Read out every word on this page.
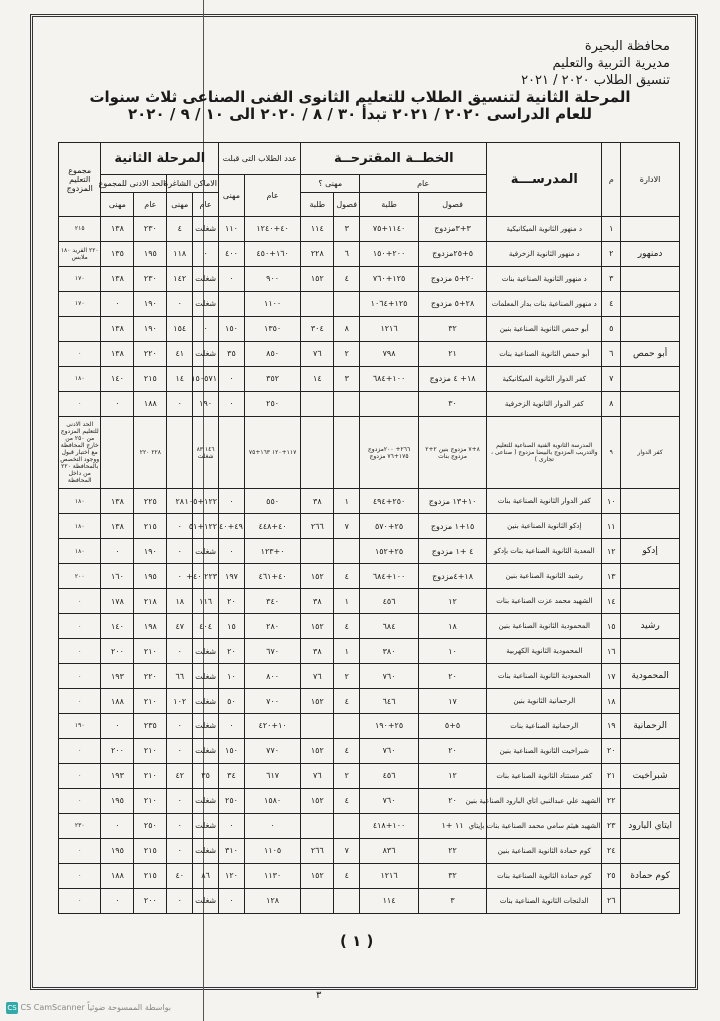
محافظة البحيرة
مديرية التربية والتعليم
تنسيق الطلاب ٢٠٢٠ / ٢٠٢١
المرحلة الثانية لتنسيق الطلاب للتعليم الثانوى الفنى الصناعى ثلاث سنوات
للعام الدراسى ٢٠٢٠ / ٢٠٢١ تبدأ ٣٠ / ٨ / ٢٠٢٠ الى ١٠ / ٩ / ٢٠٢٠
الادارة	م	المدرســـة	الخطــة المقترحــة				عدد الطلاب التى قبلت		المرحلة الثانية				مجموع التعليم المزدوج
			عام		مهنى ؟		عام	مهنى	الاماكن الشاغرة		الحد الادنى للمجموع		
			فصول	طلبة	فصول	طلبة			عام	مهنى	عام	مهنى	
	١	د منهور الثانوية الميكانيكية	٣+٣مزدوج	١١٤٠+٧٥	٣	١١٤	٤٠+١٢٤٠	١١٠	شغلت	٤	٢٣٠	١٣٨	٢١٥
دمنهور	٢	د منهور الثانوية الزخرفية	٥+٢٥مزدوج	٢٠٠+١٥٠	٦	٢٢٨	١٦٠+٤٥٠	٤٠٠	٠	١١٨	١٩٥	١٣٥	٢٢٠ الفريد ١٨٠ ملابس
	٣	د منهور الثانوية الصناعية بنات	٢٠+٥ مزدوج	١٢٥+٧٦٠	٤	١٥٢	٩٠٠	٠	شغلت	١٤٢	٢٣٠	١٣٨	١٧٠
	٤	د منهور الصناعية بنات بدار المعلمات	٢٨+٥ مزدوج	١٢٥+١٠٦٤			١١٠٠		شغلت	٠	١٩٠	٠	١٧٠
	٥	أبو حمص الثانوية الصناعية بنين	٣٢	١٢١٦	٨	٣٠٤	١٣٥٠	١٥٠	٠	١٥٤	١٩٠	١٣٨	
أبو حمص	٦	أبو حمص الثانوية الصناعية بنات	٢١	٧٩٨	٢	٧٦	٨٥٠	٣٥	شغلت	٤١	٢٢٠	١٣٨	٠
	٧	كفر الدوار الثانوية الميكانيكية	١٨+ ٤ مزدوج	١٠٠+٦٨٤	٣	١٤	٣٥٢	٠	١٥٠٥٧١	١٤	٢١٥	١٤٠	١٨٠
	٨	كفر الدوار الثانوية الزخرفية	٣٠				٢٥٠	٠	١٩٠	٠	١٨٨	٠	٠
كفر الدوار	٩	المدرسة الثانوية الفنية الصناعية للتعليم والتدريب المزدوج بالبيضا مزدوج ( صناعى ، تجارى )	٨+٧ مزدوج بنين ٢+٢ مزدوج بنات	٢٦٦+ ٢٠٠مزدوج ١٧٥+٧٦ مزدوج			١١٧+١٢٠ ١٦٣+٧٥		١٤٦ ٨٣ شغلت		٢٢٨ ٢٢٠		الحد الادنى للتعليم المزدوج من ٢٥٠ من خارج المحافظة مع اختبار قبول ووجود التخصص بالمحافظة ٢٢٠ من داخل المحافظة
	١٠	كفر الدوار الثانوية الصناعية بنات	١٠+١٣ مزدوج	٢٥٠+٤٩٤	١	٣٨	٥٥٠	٠	١٢٢+١٠٥	٢٨	٢٢٥	١٣٨	١٨٠
	١١	إدكو الثانوية الصناعية بنين	١٥+١ مزدوج	٢٥+٥٧٠	٧	٢٦٦	٤٠+٤٤٨	٤٩+٤٠	١٢٢+٥١	٠	٢١٥	١٣٨	١٨٠
إدكو	١٢	المعدية الثانوية الصناعية بنات بإدكو	٤ +١ مزدوج	٢٥+١٥٢			٠+١٢٣	٠	شغلت	٠	١٩٠	٠	١٨٠
	١٣	رشيد الثانوية الصناعية بنين	١٨+٤مزدوج	١٠٠+٦٨٤	٤	١٥٢	٤٠+٤٦١	١٩٧	٢٢٣ ٤٠+	٠	١٩٥	١٦٠	٢٠٠
	١٤	الشهيد محمد عزت الصناعية بنات	١٢	٤٥٦	١	٣٨	٣٤٠	٢٠	١١٦	١٨	٢١٨	١٧٨	٠
رشيد	١٥	المحمودية الثانوية الصناعية بنين	١٨	٦٨٤	٤	١٥٢	٢٨٠	١٥	٤٠٤	٤٧	١٩٨	١٤٠	٠
	١٦	المحمودية الثانوية الكهربية	١٠	٣٨٠	١	٣٨	٦٧٠	٢٠	شغلت	٠	٢١٠	٢٠٠	٠
المحمودية	١٧	المحمودية الثانوية الصناعية بنات	٢٠	٧٦٠	٢	٧٦	٨٠٠	١٠	شغلت	٦٦	٢٢٠	١٩٣	٠
	١٨	الرحمانية الثانوية بنين	١٧	٦٤٦	٤	١٥٢	٧٠٠	٥٠	شغلت	١٠٢	٢١٠	١٨٨	٠
الرحمانية	١٩	الرحمانية الصناعية بنات	٥+٥	٢٥+١٩٠			١٠+٤٢٠	٠	شغلت	٠	٢٣٥	٠	١٩٠
	٢٠	شبراخيت الثانوية الصناعية بنين	٢٠	٧٦٠	٤	١٥٢	٧٧٠	١٥٠	شغلت	٠	٢١٠	٢٠٠	٠
شبراخيت	٢١	كفر مستناد الثانوية الصناعية بنات	١٢	٤٥٦	٢	٧٦	٦١٧	٣٤	٣٥	٤٢	٢١٠	١٩٣	٠
	٢٢	الشهيد علي عبدالنبي اتاي البارود الصناعية بنين	٢٠	٧٦٠	٤	١٥٢	١٥٨٠	٢٥٠	شغلت	٠	٢١٠	١٩٥	٠
ايتاي البارود	٢٣	الشهيد هيثم سامي محمد الصناعية بنات بإيتاي	١١ +١	١٠٠+٤١٨			٠	٠	شغلت	٠	٢٥٠	٠	٢٣٠
	٢٤	كوم حمادة الثانوية الصناعية بنين	٢٢	٨٣٦	٧	٢٦٦	١١٠٥	٣١٠	شغلت	٠	٢١٥	١٩٥	٠
كوم حمادة	٢٥	كوم حمادة الثانوية الصناعية بنات	٣٢	١٢١٦	٤	١٥٢	١١٣٠	١٢٠	٨٦	٤٠	٢١٥	١٨٨	٠
	٢٦	الدلنجات الثانوية الصناعية بنات	٣	١١٤			١٢٨	٠	شغلت	٠	٢٠٠	٠	٠
( ١ )
٣
CS CS CamScanner بواسطة الممسوحة ضوئياً
